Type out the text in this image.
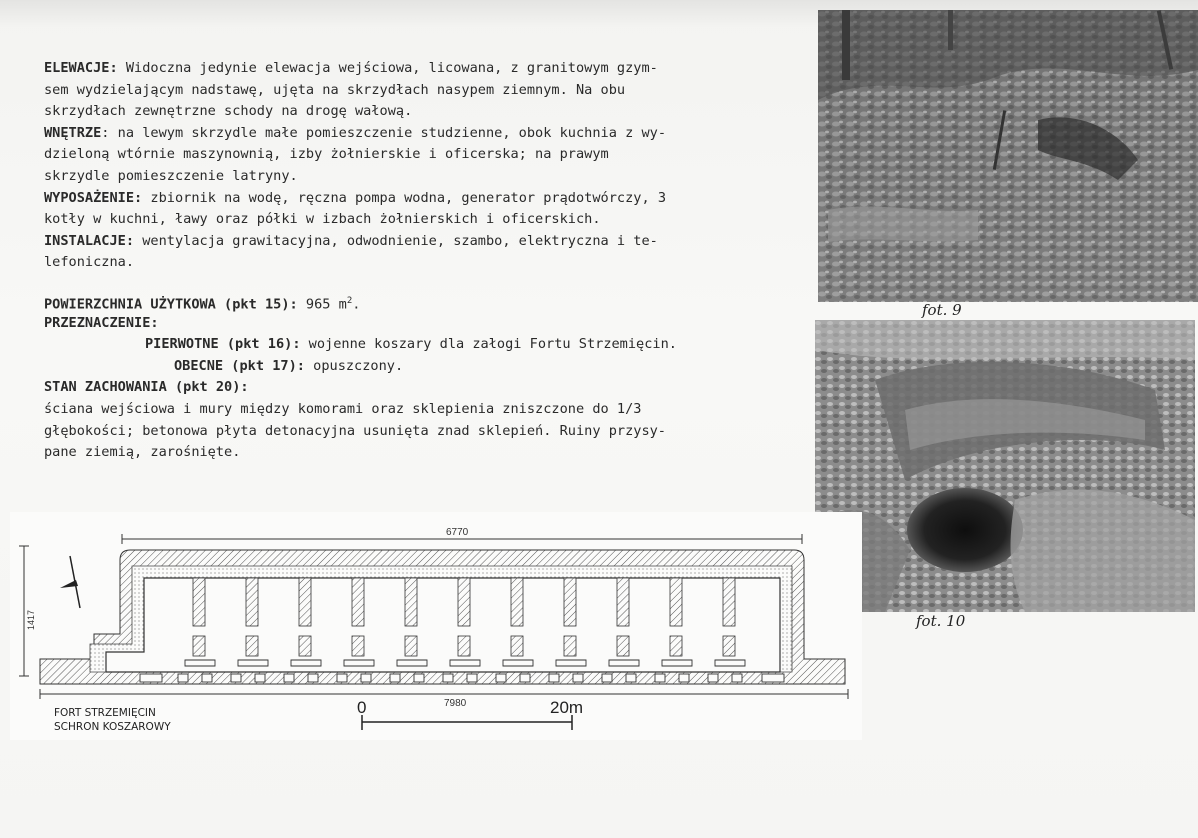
ELEWACJE: Widoczna jedynie elewacja wejściowa, licowana, z granitowym gzym-
sem wydzielającym nadstawę, ujęta na skrzydłach nasypem ziemnym. Na obu
skrzydłach zewnętrzne schody na drogę wałową.
WNĘTRZE: na lewym skrzydle małe pomieszczenie studzienne, obok kuchnia z wy-
dzieloną wtórnie maszynownią, izby żołnierskie i oficerska; na prawym
skrzydle pomieszczenie latryny.
WYPOSAŻENIE: zbiornik na wodę, ręczna pompa wodna, generator prądotwórczy, 3
kotły w kuchni, ławy oraz półki w izbach żołnierskich i oficerskich.
INSTALACJE: wentylacja grawitacyjna, odwodnienie, szambo, elektryczna i te-
lefoniczna.
POWIERZCHNIA UŻYTKOWA (pkt 15): 965 $m^2$.
PRZEZNACZENIE:
PIERWOTNE (pkt 16): wojenne koszary dla załogi Fortu Strzemięcin.
OBECNE (pkt 17): opuszczony.
STAN ZACHOWANIA (pkt 20):
ściana wejściowa i mury między komorami oraz sklepienia zniszczone do 1/3
głębokości; betonowa płyta detonacyjna usunięta znad sklepień. Ruiny przysy-
pane ziemią, zarośnięte.
fot. 9
fot. 10
6770
7980
1417
0	20m
FORT STRZEMIĘCIN
SCHRON KOSZAROWY
